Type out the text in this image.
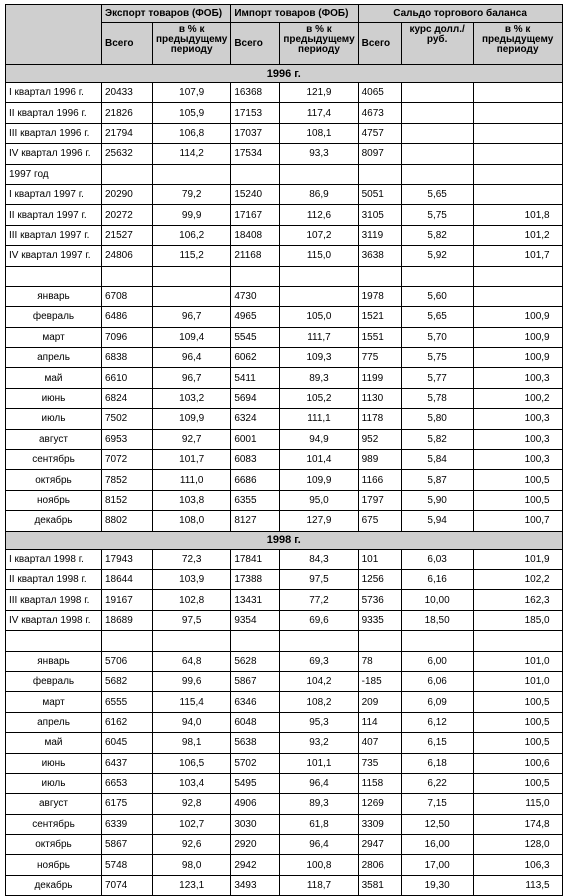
	Экспорт товаров (ФОБ)		Импорт товаров (ФОБ)		Сальдо торгового баланса		
	Всего	в % к предыдущему периоду	Всего	в % к предыдущему периоду	Всего	курс долл./ руб.	в % к предыдущему периоду
1996 г.							
I квартал 1996 г.	20433	107,9	16368	121,9	4065		
II квартал 1996 г.	21826	105,9	17153	117,4	4673		
III квартал 1996 г.	21794	106,8	17037	108,1	4757		
IV квартал 1996 г.	25632	114,2	17534	93,3	8097		
1997 год							
I квартал 1997 г.	20290	79,2	15240	86,9	5051	5,65	
II квартал 1997 г.	20272	99,9	17167	112,6	3105	5,75	101,8
III квартал 1997 г.	21527	106,2	18408	107,2	3119	5,82	101,2
IV квартал 1997 г.	24806	115,2	21168	115,0	3638	5,92	101,7

январь	6708		4730		1978	5,60	
февраль	6486	96,7	4965	105,0	1521	5,65	100,9
март	7096	109,4	5545	111,7	1551	5,70	100,9
апрель	6838	96,4	6062	109,3	775	5,75	100,9
май	6610	96,7	5411	89,3	1199	5,77	100,3
июнь	6824	103,2	5694	105,2	1130	5,78	100,2
июль	7502	109,9	6324	111,1	1178	5,80	100,3
август	6953	92,7	6001	94,9	952	5,82	100,3
сентябрь	7072	101,7	6083	101,4	989	5,84	100,3
октябрь	7852	111,0	6686	109,9	1166	5,87	100,5
ноябрь	8152	103,8	6355	95,0	1797	5,90	100,5
декабрь	8802	108,0	8127	127,9	675	5,94	100,7
1998 г.							
I квартал 1998 г.	17943	72,3	17841	84,3	101	6,03	101,9
II квартал 1998 г.	18644	103,9	17388	97,5	1256	6,16	102,2
III квартал 1998 г.	19167	102,8	13431	77,2	5736	10,00	162,3
IV квартал 1998 г.	18689	97,5	9354	69,6	9335	18,50	185,0

январь	5706	64,8	5628	69,3	78	6,00	101,0
февраль	5682	99,6	5867	104,2	-185	6,06	101,0
март	6555	115,4	6346	108,2	209	6,09	100,5
апрель	6162	94,0	6048	95,3	114	6,12	100,5
май	6045	98,1	5638	93,2	407	6,15	100,5
июнь	6437	106,5	5702	101,1	735	6,18	100,6
июль	6653	103,4	5495	96,4	1158	6,22	100,5
август	6175	92,8	4906	89,3	1269	7,15	115,0
сентябрь	6339	102,7	3030	61,8	3309	12,50	174,8
октябрь	5867	92,6	2920	96,4	2947	16,00	128,0
ноябрь	5748	98,0	2942	100,8	2806	17,00	106,3
декабрь	7074	123,1	3493	118,7	3581	19,30	113,5
